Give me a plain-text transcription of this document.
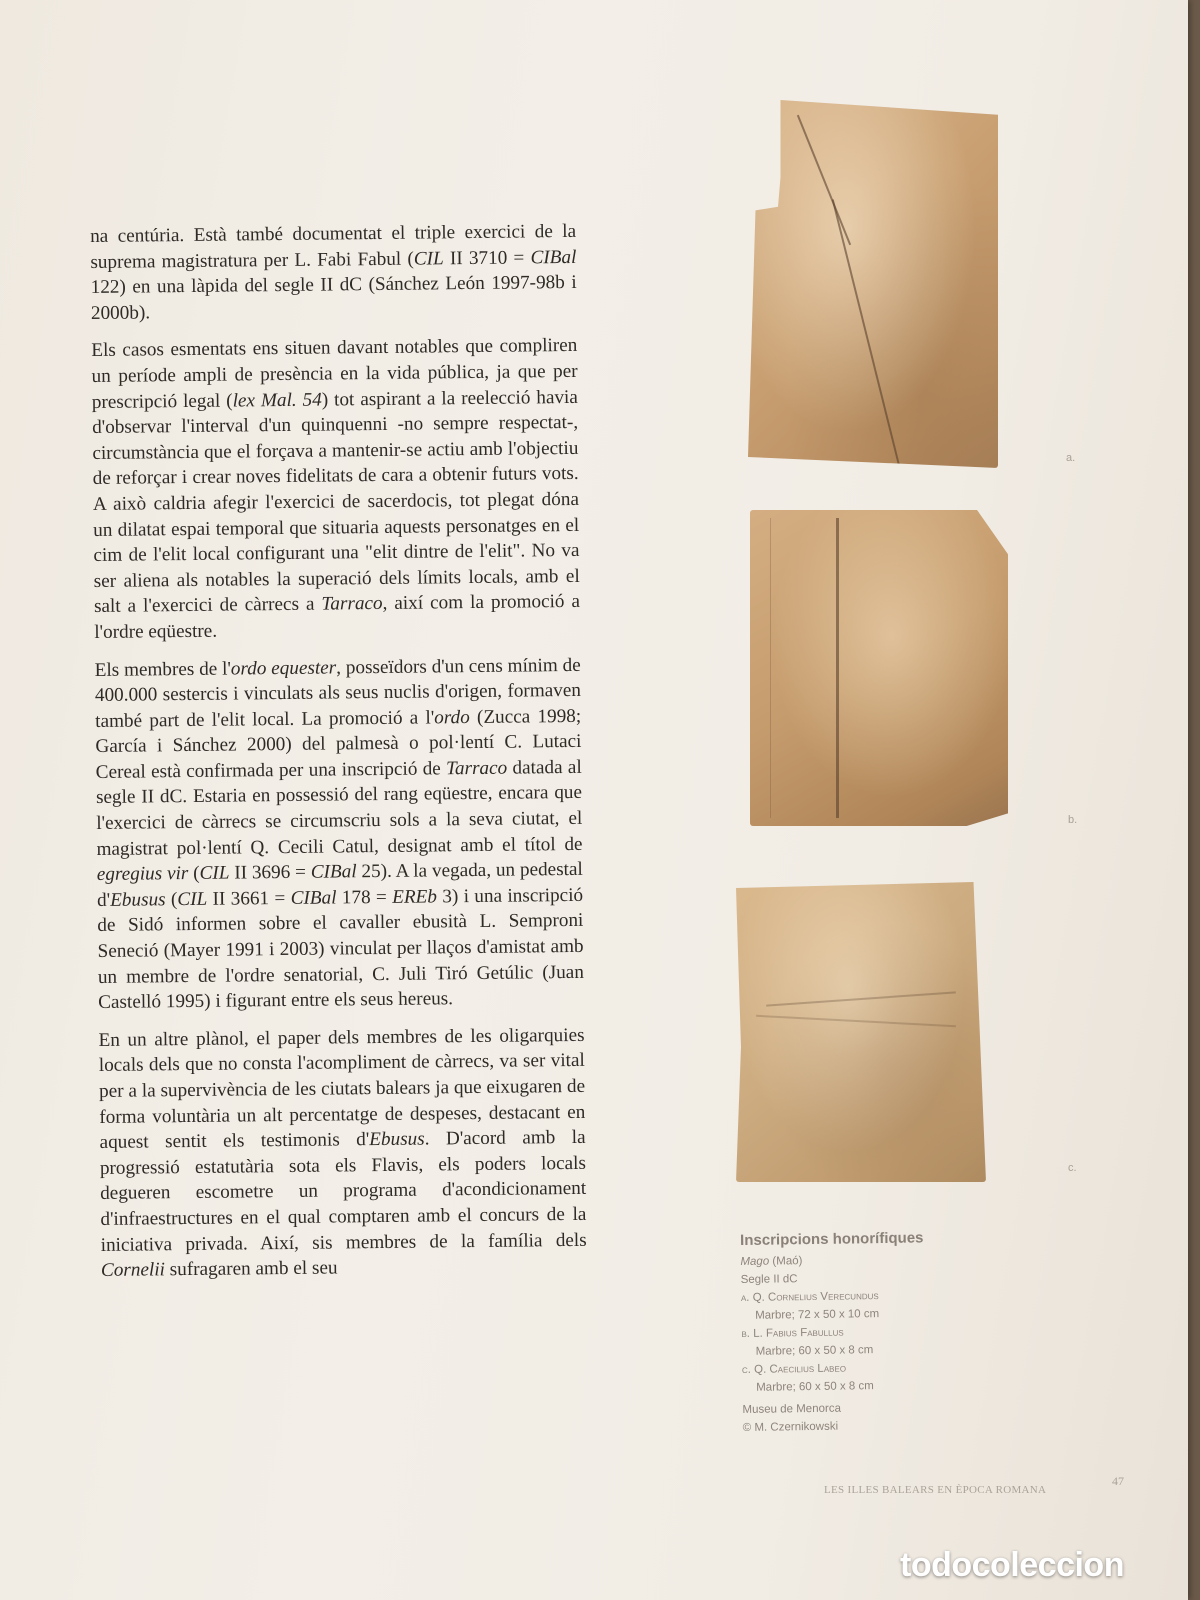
na centúria. Està també documentat el triple exercici de la suprema magistratura per L. Fabi Fabul (CIL II 3710 = CIBal 122) en una làpida del segle II dC (Sánchez León 1997-98b i 2000b).

Els casos esmentats ens situen davant notables que compliren un període ampli de presència en la vida pública, ja que per prescripció legal (lex Mal. 54) tot aspirant a la reelecció havia d'observar l'interval d'un quinquenni -no sempre respectat-, circumstància que el forçava a mantenir-se actiu amb l'objectiu de reforçar i crear noves fidelitats de cara a obtenir futurs vots. A això caldria afegir l'exercici de sacerdocis, tot plegat dóna un dilatat espai temporal que situaria aquests personatges en el cim de l'elit local configurant una "elit dintre de l'elit". No va ser aliena als notables la superació dels límits locals, amb el salt a l'exercici de càrrecs a Tarraco, així com la promoció a l'ordre eqüestre.

Els membres de l'ordo equester, posseïdors d'un cens mínim de 400.000 sestercis i vinculats als seus nuclis d'origen, formaven també part de l'elit local. La promoció a l'ordo (Zucca 1998; García i Sánchez 2000) del palmesà o pol·lentí C. Lutaci Cereal està confirmada per una inscripció de Tarraco datada al segle II dC. Estaria en possessió del rang eqüestre, encara que l'exercici de càrrecs se circumscriu sols a la seva ciutat, el magistrat pol·lentí Q. Cecili Catul, designat amb el títol de egregius vir (CIL II 3696 = CIBal 25). A la vegada, un pedestal d'Ebusus (CIL II 3661 = CIBal 178 = EREb 3) i una inscripció de Sidó informen sobre el cavaller ebusità L. Semproni Seneció (Mayer 1991 i 2003) vinculat per llaços d'amistat amb un membre de l'ordre senatorial, C. Juli Tiró Getúlic (Juan Castelló 1995) i figurant entre els seus hereus.

En un altre plànol, el paper dels membres de les oligarquies locals dels que no consta l'acompliment de càrrecs, va ser vital per a la supervivència de les ciutats balears ja que eixugaren de forma voluntària un alt percentatge de despeses, destacant en aquest sentit els testimonis d'Ebusus. D'acord amb la progressió estatutària sota els Flavis, els poders locals degueren escometre un programa d'acondicionament d'infraestructures en el qual comptaren amb el concurs de la iniciativa privada. Així, sis membres de la família dels Cornelii sufragaren amb el seu

a.
b.
c.
Inscripcions honorífiques
Mago (Maó)
Segle II dC
a. Q. Cornelius Verecundus
Marbre; 72 x 50 x 10 cm
b. L. Fabius Fabullus
Marbre; 60 x 50 x 8 cm
c. Q. Caecilius Labeo
Marbre; 60 x 50 x 8 cm
Museu de Menorca
© M. Czernikowski
LES ILLES BALEARS EN ÈPOCA ROMANA
47
todocoleccion
